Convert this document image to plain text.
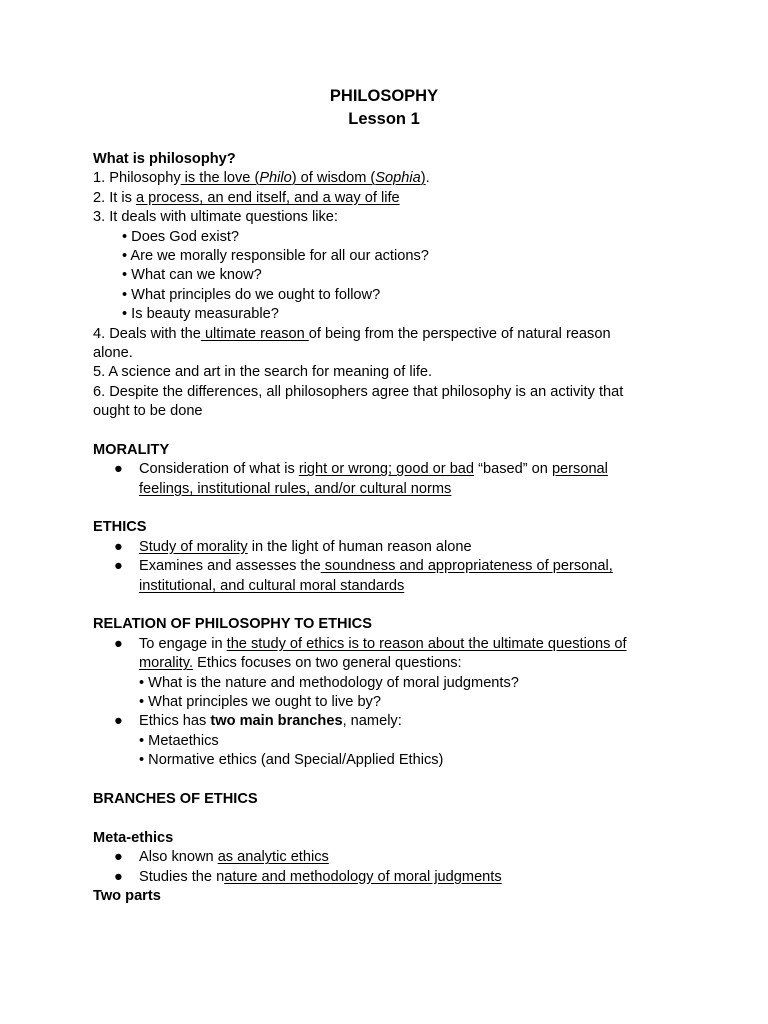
PHILOSOPHY
Lesson 1
What is philosophy?
1. Philosophy is the love (Philo) of wisdom (Sophia).
2. It is a process, an end itself, and a way of life
3. It deals with ultimate questions like:
• Does God exist?
• Are we morally responsible for all our actions?
• What can we know?
• What principles do we ought to follow?
• Is beauty measurable?
4. Deals with the ultimate reason of being from the perspective of natural reason
alone.
5. A science and art in the search for meaning of life.
6. Despite the differences, all philosophers agree that philosophy is an activity that
ought to be done
MORALITY
● Consideration of what is right or wrong; good or bad “based” on personal
feelings, institutional rules, and/or cultural norms
ETHICS
● Study of morality in the light of human reason alone
● Examines and assesses the soundness and appropriateness of personal,
institutional, and cultural moral standards
RELATION OF PHILOSOPHY TO ETHICS
● To engage in the study of ethics is to reason about the ultimate questions of
morality. Ethics focuses on two general questions:
• What is the nature and methodology of moral judgments?
• What principles we ought to live by?
● Ethics has two main branches, namely:
• Metaethics
• Normative ethics (and Special/Applied Ethics)
BRANCHES OF ETHICS
Meta-ethics
● Also known as analytic ethics
● Studies the nature and methodology of moral judgments
Two parts
